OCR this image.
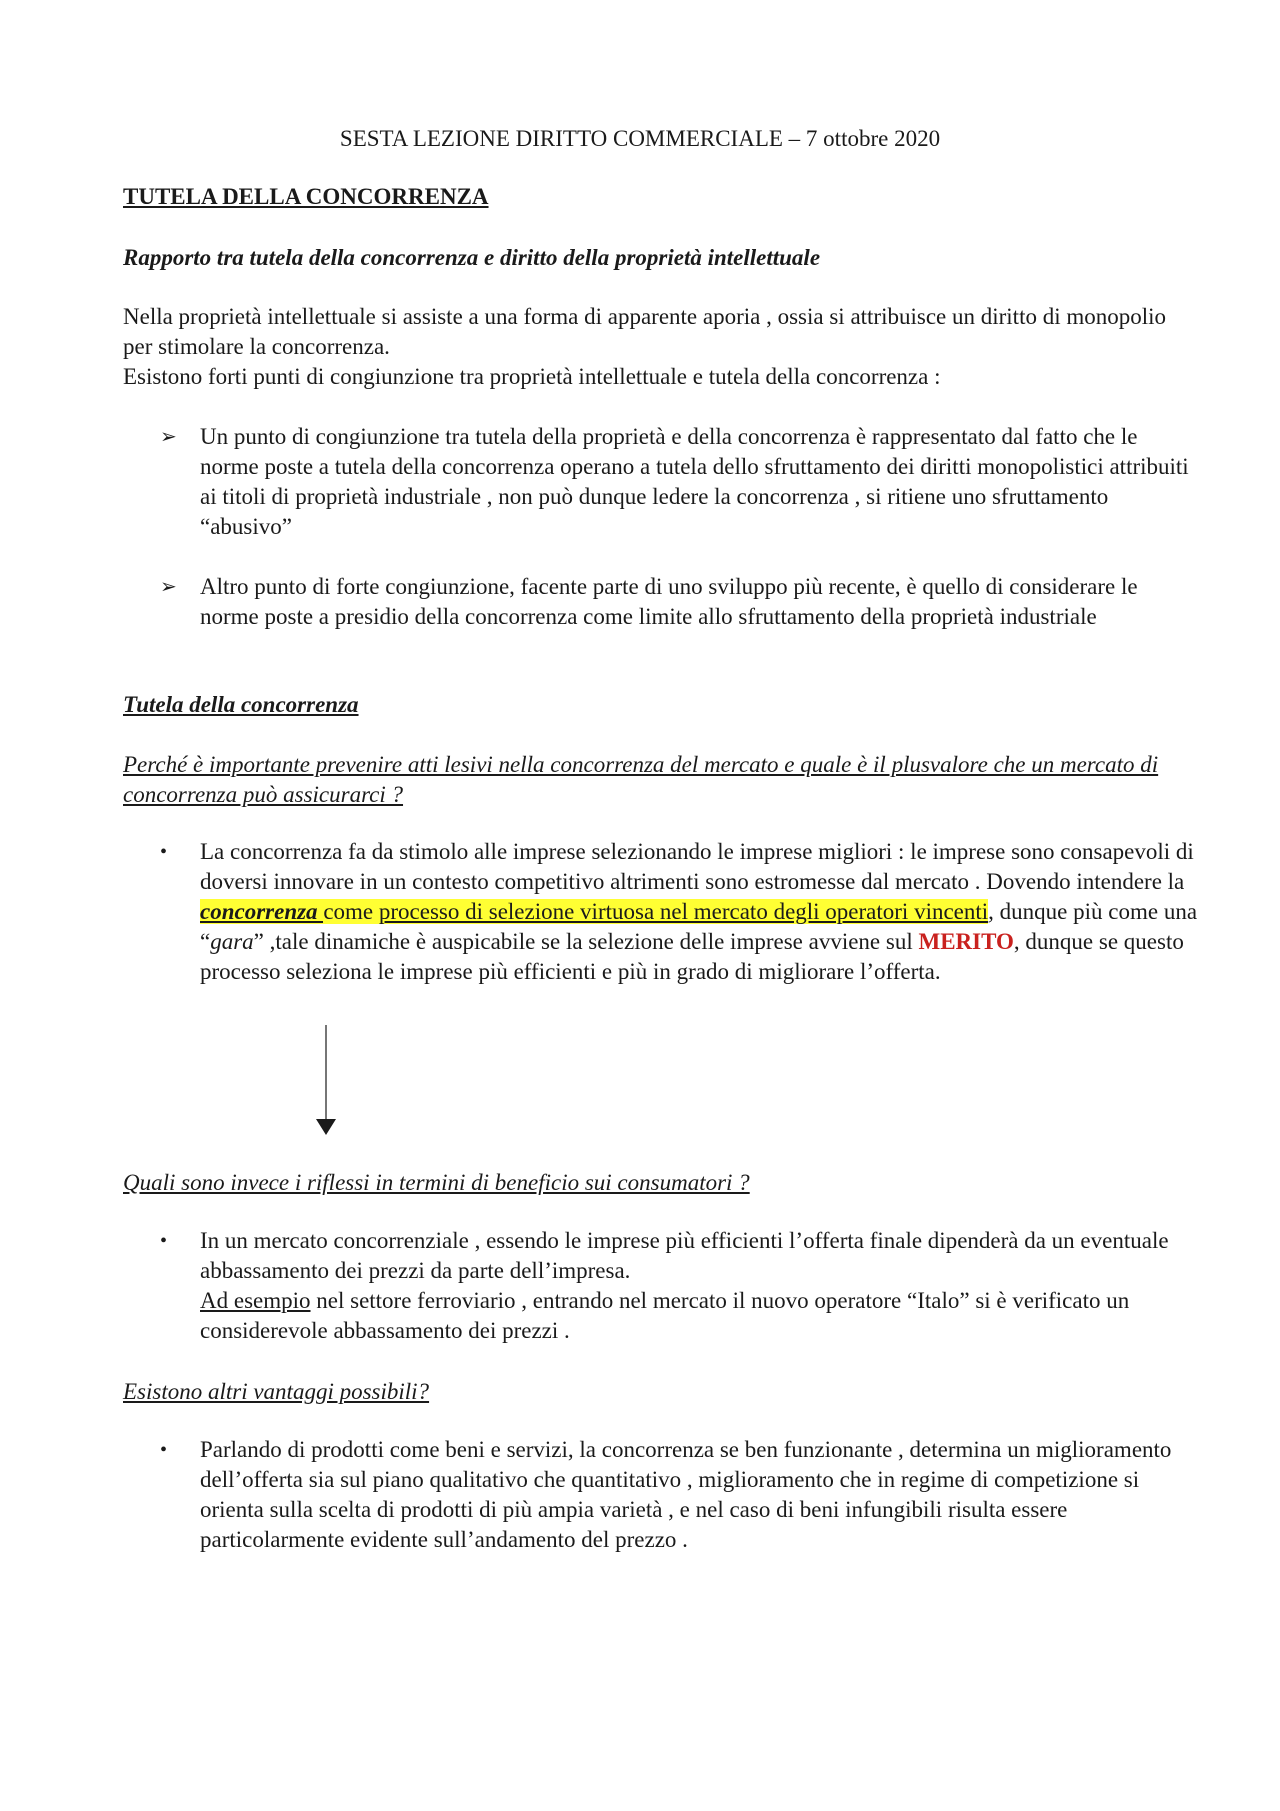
SESTA LEZIONE DIRITTO COMMERCIALE – 7 ottobre 2020

TUTELA DELLA CONCORRENZA

Rapporto tra tutela della concorrenza e diritto della proprietà intellettuale

Nella proprietà intellettuale si assiste a una forma di apparente aporia , ossia si attribuisce un diritto di monopolio per stimolare la concorrenza.

Esistono forti punti di congiunzione tra proprietà intellettuale e tutela della concorrenza :

➢ Un punto di congiunzione tra tutela della proprietà e della concorrenza è rappresentato dal fatto che le norme poste a tutela della concorrenza operano a tutela dello sfruttamento dei diritti monopolistici attribuiti ai titoli di proprietà industriale , non può dunque ledere la concorrenza , si ritiene uno sfruttamento “abusivo”
➢ Altro punto di forte congiunzione, facente parte di uno sviluppo più recente, è quello di considerare le norme poste a presidio della concorrenza come limite allo sfruttamento della proprietà industriale

Tutela della concorrenza

Perché è importante prevenire atti lesivi nella concorrenza del mercato e quale è il plusvalore che un mercato di concorrenza può assicurarci ?

• La concorrenza fa da stimolo alle imprese selezionando le imprese migliori : le imprese sono consapevoli di doversi innovare in un contesto competitivo altrimenti sono estromesse dal mercato . Dovendo intendere la concorrenza come processo di selezione virtuosa nel mercato degli operatori vincenti, dunque più come una “gara” ,tale dinamiche è auspicabile se la selezione delle imprese avviene sul MERITO, dunque se questo processo seleziona le imprese più efficienti e più in grado di migliorare l’offerta.

Quali sono invece i riflessi in termini di beneficio sui consumatori ?

• In un mercato concorrenziale , essendo le imprese più efficienti l’offerta finale dipenderà da un eventuale abbassamento dei prezzi da parte dell’impresa.
Ad esempio nel settore ferroviario , entrando nel mercato il nuovo operatore “Italo” si è verificato un considerevole abbassamento dei prezzi .

Esistono altri vantaggi possibili?

• Parlando di prodotti come beni e servizi, la concorrenza se ben funzionante , determina un miglioramento dell’offerta sia sul piano qualitativo che quantitativo , miglioramento che in regime di competizione si orienta sulla scelta di prodotti di più ampia varietà , e nel caso di beni infungibili risulta essere particolarmente evidente sull’andamento del prezzo .
